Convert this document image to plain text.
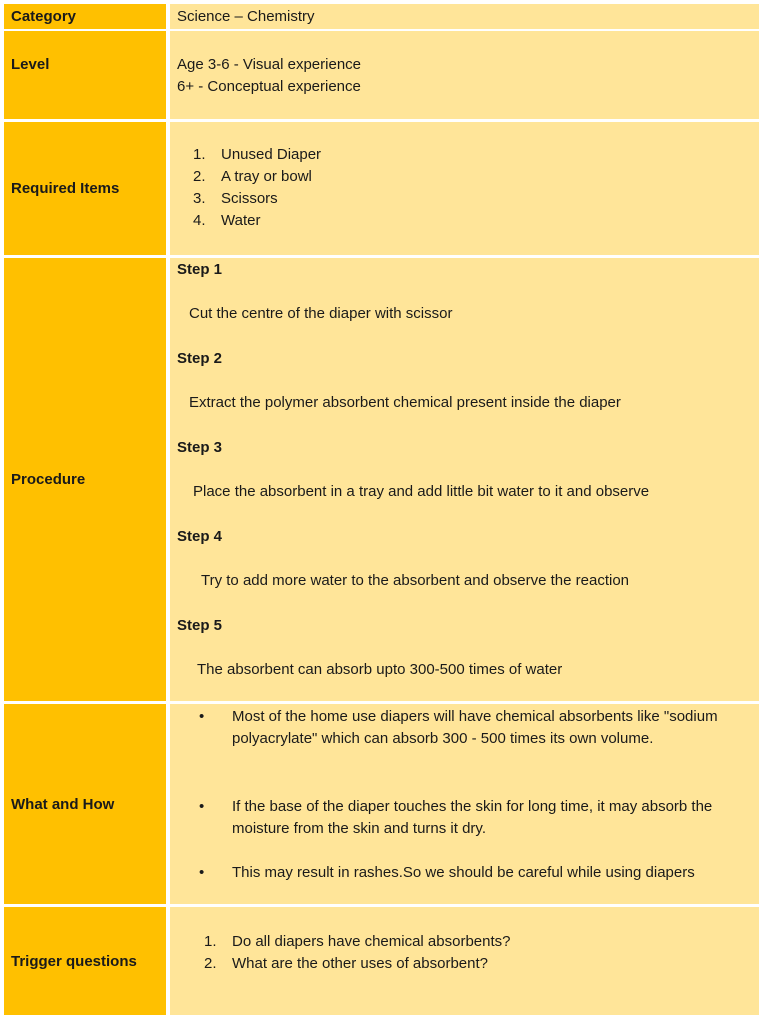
Category	Science – Chemistry
Level	Age 3-6 - Visual experience
6+ - Conceptual experience
Required Items
1. Unused Diaper
2. A tray or bowl
3. Scissors
4. Water
Procedure
Step 1
Cut the centre of the diaper with scissor
Step 2
Extract the polymer absorbent chemical present inside the diaper
Step 3
Place the absorbent in a tray and add little bit water to it and observe
Step 4
Try to add more water to the absorbent and observe the reaction
Step 5
The absorbent can absorb upto 300-500 times of water
What and How
• Most of the home use diapers will have chemical absorbents like "sodium polyacrylate" which can absorb 300 - 500 times its own volume.
• If the base of the diaper touches the skin for long time, it may absorb the moisture from the skin and turns it dry.
• This may result in rashes.So we should be careful while using diapers
Trigger questions
1. Do all diapers have chemical absorbents?
2. What are the other uses of absorbent?
